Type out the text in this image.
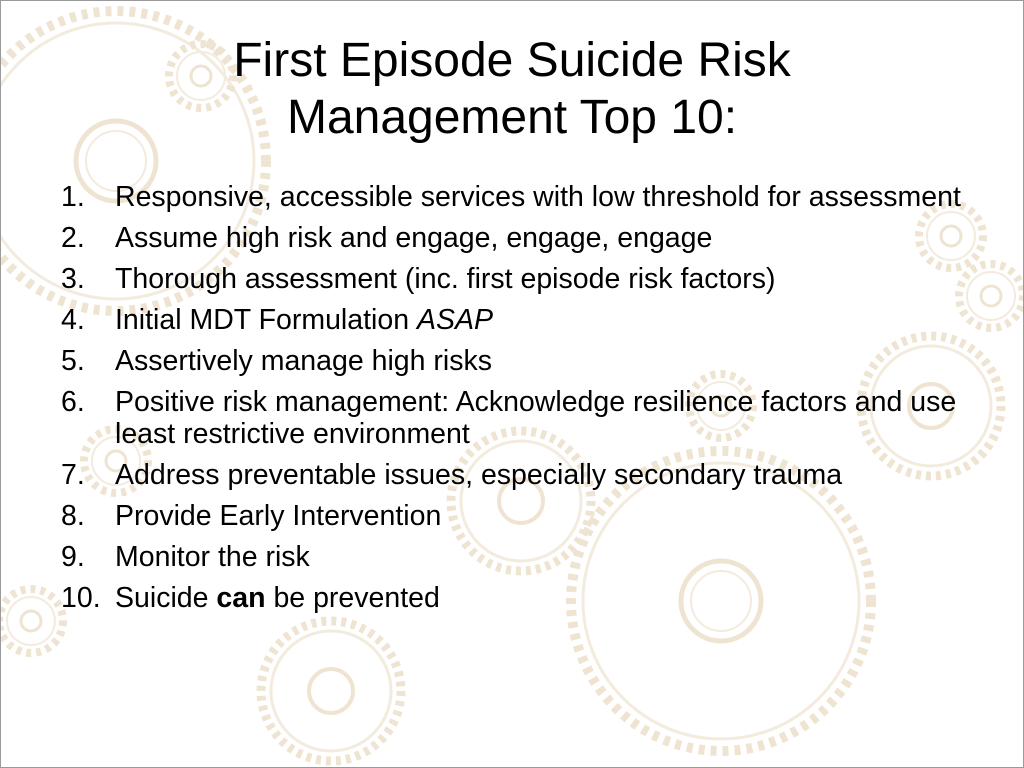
First Episode Suicide Risk
Management Top 10:
1. Responsive, accessible services with low threshold for assessment
2. Assume high risk and engage, engage, engage
3. Thorough assessment (inc. first episode risk factors)
4. Initial MDT Formulation ASAP
5. Assertively manage high risks
6. Positive risk management: Acknowledge resilience factors and use least restrictive environment
7. Address preventable issues, especially secondary trauma
8. Provide Early Intervention
9. Monitor the risk
10. Suicide can be prevented
